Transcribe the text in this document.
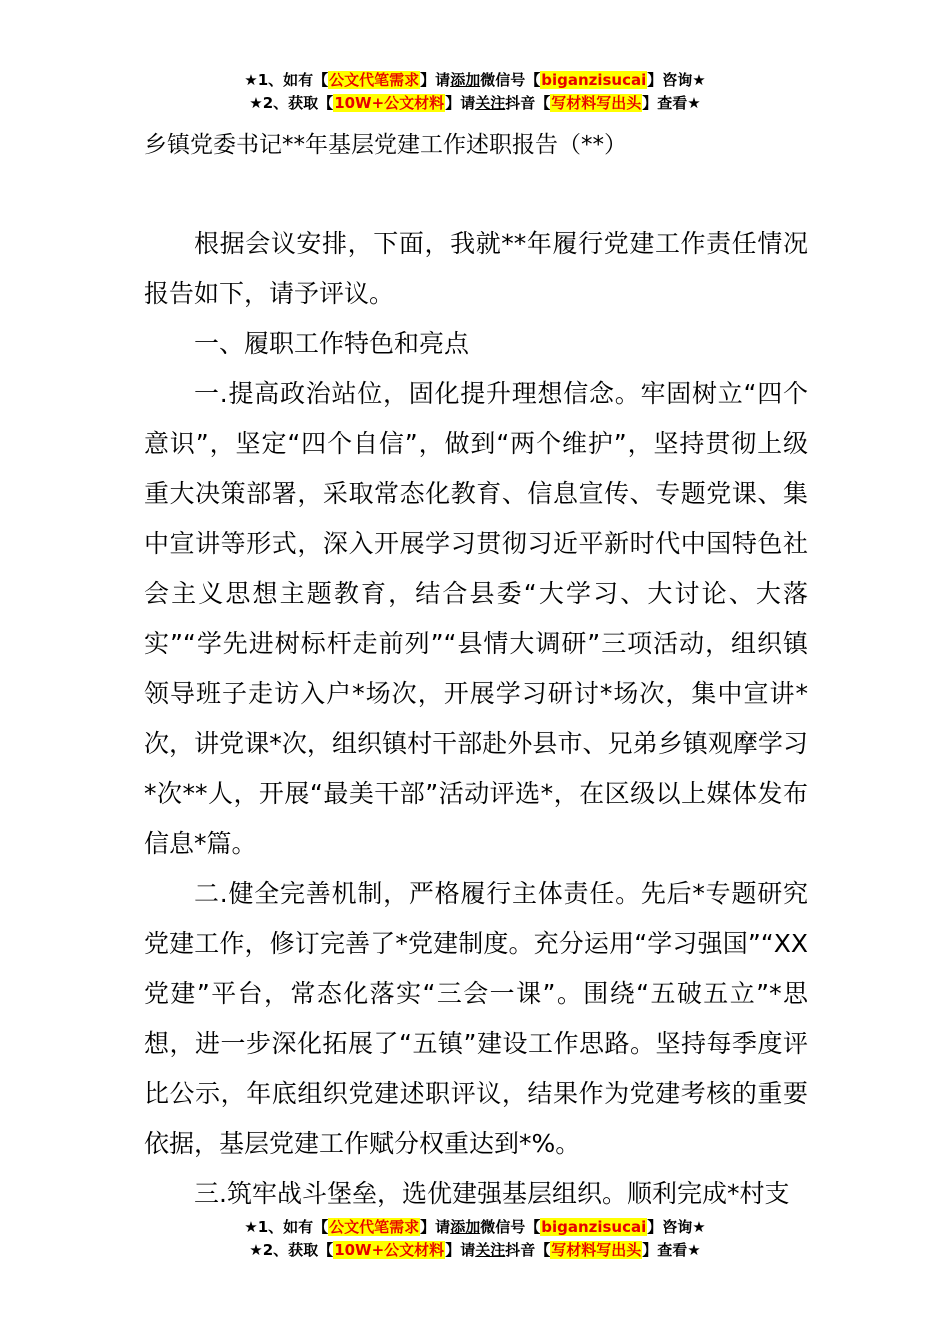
★1、如有【公文代笔需求】请添加微信号【biganzisucai】咨询★
★2、获取【10W+公文材料】请关注抖音【写材料写出头】查看★
乡镇党委书记**年基层党建工作述职报告（**）

根据会议安排，下面，我就**年履行党建工作责任情况报告如下，请予评议。

一、履职工作特色和亮点

一.提高政治站位，固化提升理想信念。牢固树立“四个意识”，坚定“四个自信”，做到“两个维护”，坚持贯彻上级重大决策部署，采取常态化教育、信息宣传、专题党课、集中宣讲等形式，深入开展学习贯彻习近平新时代中国特色社会主义思想主题教育，结合县委“大学习、大讨论、大落实”“学先进树标杆走前列”“县情大调研”三项活动，组织镇领导班子走访入户*场次，开展学习研讨*场次，集中宣讲*次，讲党课*次，组织镇村干部赴外县市、兄弟乡镇观摩学习*次**人，开展“最美干部”活动评选*，在区级以上媒体发布信息*篇。

二.健全完善机制，严格履行主体责任。先后*专题研究党建工作，修订完善了*党建制度。充分运用“学习强国”“XX党建”平台，常态化落实“三会一课”。围绕“五破五立”*思想，进一步深化拓展了“五镇”建设工作思路。坚持每季度评比公示，年底组织党建述职评议，结果作为党建考核的重要依据，基层党建工作赋分权重达到*%。

三.筑牢战斗堡垒，选优建强基层组织。顺利完成*村支

★1、如有【公文代笔需求】请添加微信号【biganzisucai】咨询★
★2、获取【10W+公文材料】请关注抖音【写材料写出头】查看★
